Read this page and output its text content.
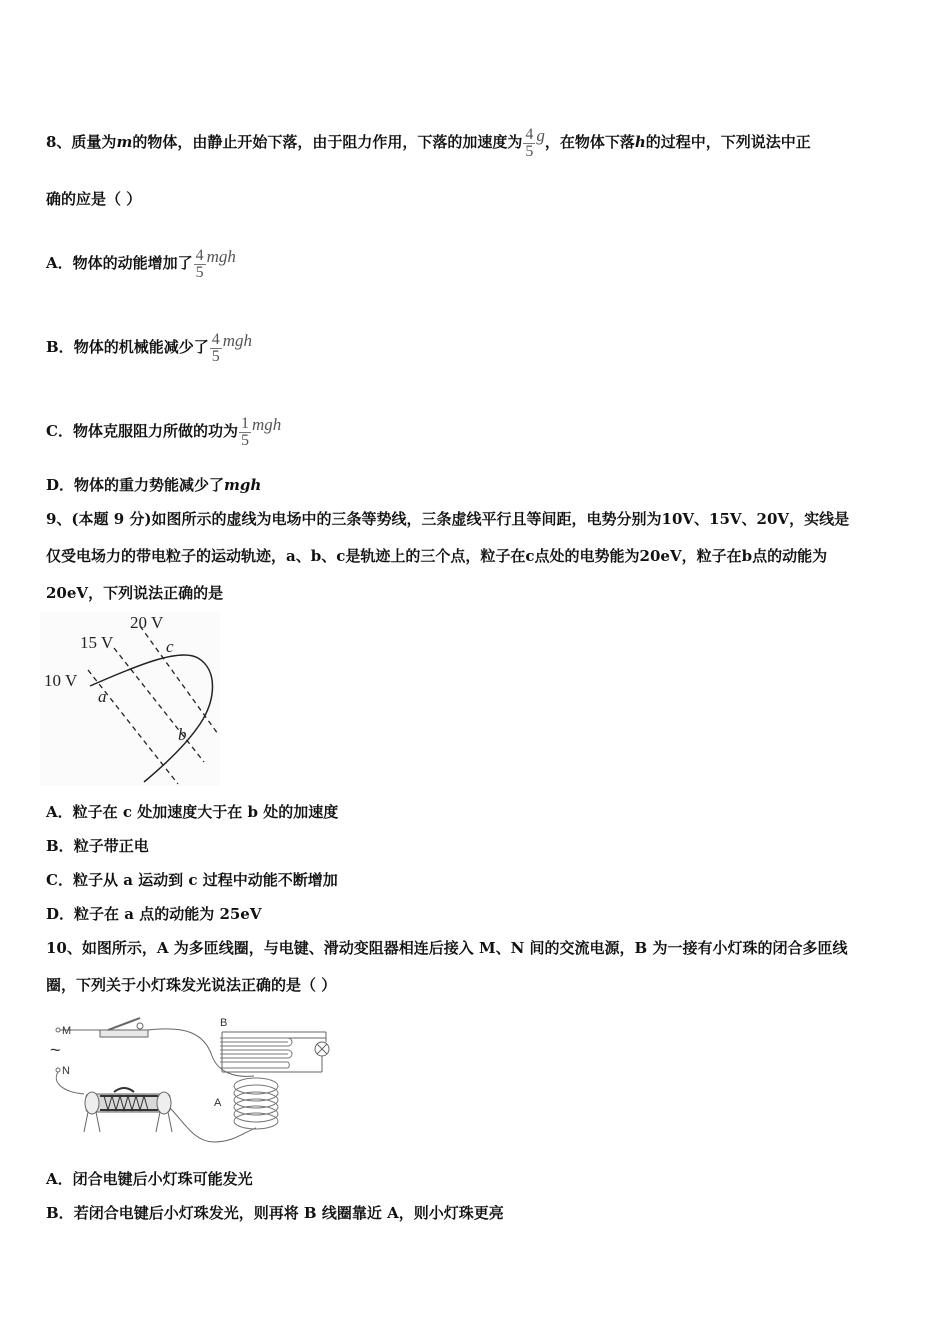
8、质量为m的物体，由静止开始下落，由于阻力作用，下落的加速度为 $\frac{4}{5}$ g，在物体下落h的过程中，下列说法中正
确的应是（ ）
A．物体的动能增加了 $\frac{4}{5}$ mgh
B．物体的机械能减少了 $\frac{4}{5}$ mgh
C．物体克服阻力所做的功为 $\frac{1}{5}$ mgh
D．物体的重力势能减少了mgh
9、(本题 9 分)如图所示的虚线为电场中的三条等势线，三条虚线平行且等间距，电势分别为10V、15V、20V，实线是
仅受电场力的带电粒子的运动轨迹，a、b、c是轨迹上的三个点，粒子在c点处的电势能为20eV，粒子在b点的动能为
20eV，下列说法正确的是
10 V
15 V
20 V
a
b
c
A．粒子在 c 处加速度大于在 b 处的加速度
B．粒子带正电
C．粒子从 a 运动到 c 过程中动能不断增加
D．粒子在 a 点的动能为 25eV
10、如图所示，A 为多匝线圈，与电键、滑动变阻器相连后接入 M、N 间的交流电源，B 为一接有小灯珠的闭合多匝线
圈，下列关于小灯珠发光说法正确的是（ ）
M
N
B
A
~
A．闭合电键后小灯珠可能发光
B．若闭合电键后小灯珠发光，则再将 B 线圈靠近 A，则小灯珠更亮
